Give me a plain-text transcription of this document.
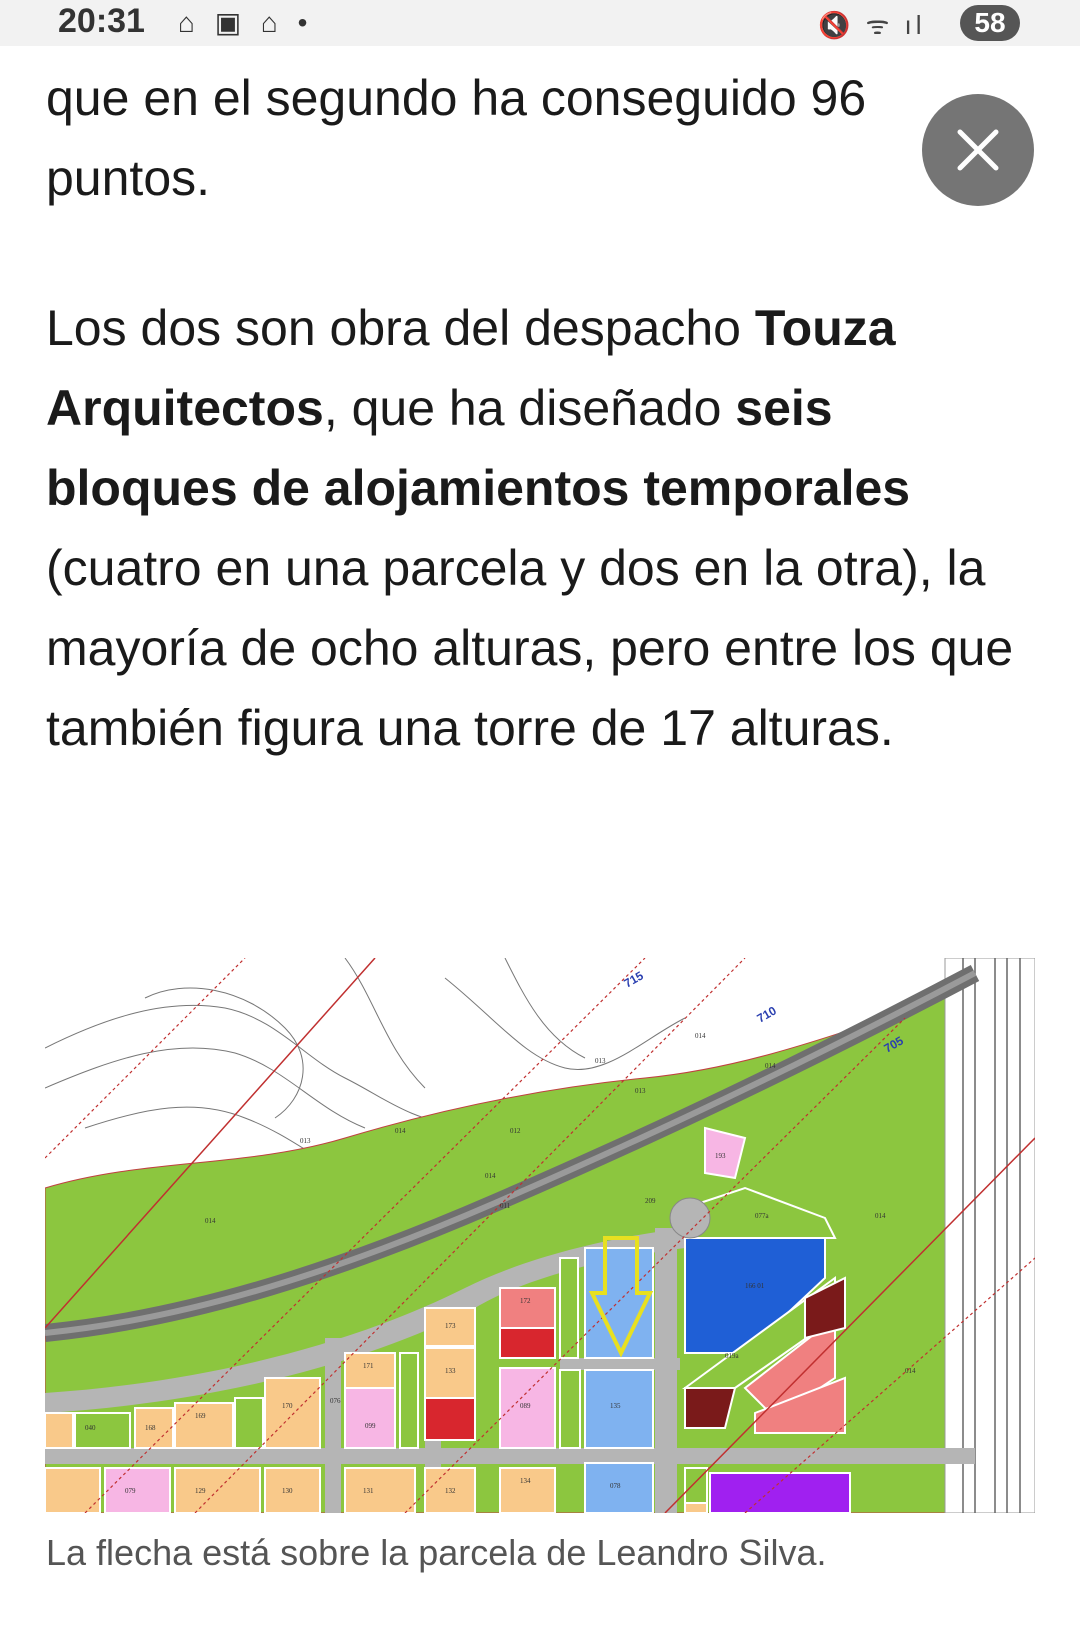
20:31 ⌂ ▣ ⌂ •	🔇 ᯤ ıl	58

que en el segundo ha conseguido 96 puntos.

Los dos son obra del despacho Touza Arquitectos, que ha diseñado seis bloques de alojamientos temporales (cuatro en una parcela y dos en la otra), la mayoría de ocho alturas, pero entre los que también figura una torre de 17 alturas.

715
710
705
014
014
013
013
012
014
014
011
013
014
172
173
171
133
170
169
168
040
079	129	130	131	132
134
135
089
099
076
078
166 01
019a
077a
193
209
014
014
La flecha está sobre la parcela de Leandro Silva.
